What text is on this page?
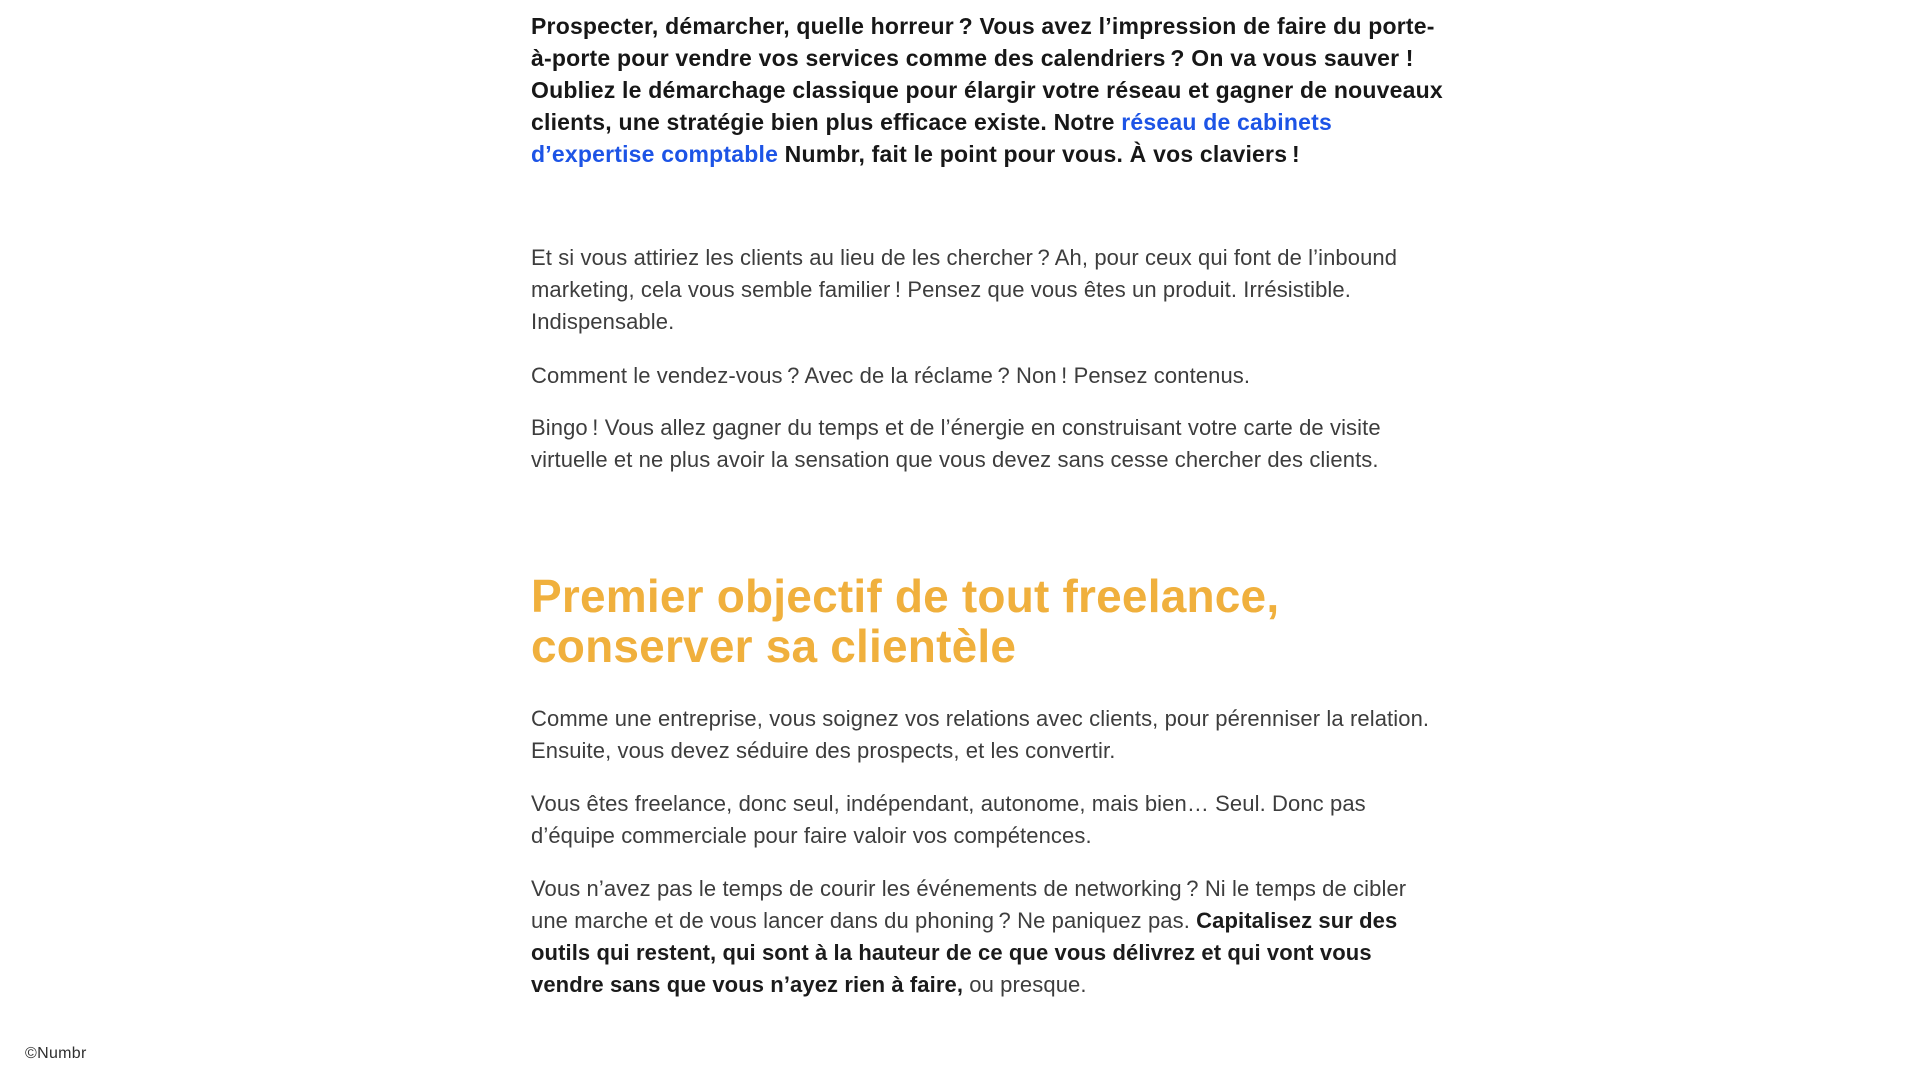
Prospecter, démarcher, quelle horreur ? Vous avez l’impression de faire du porte-à-porte pour vendre vos services comme des calendriers ? On va vous sauver ! Oubliez le démarchage classique pour élargir votre réseau et gagner de nouveaux clients, une stratégie bien plus efficace existe. Notre réseau de cabinets d’expertise comptable Numbr, fait le point pour vous. À vos claviers !

Et si vous attiriez les clients au lieu de les chercher ? Ah, pour ceux qui font de l’inbound marketing, cela vous semble familier ! Pensez que vous êtes un produit. Irrésistible. Indispensable.

Comment le vendez-vous ? Avec de la réclame ? Non ! Pensez contenus.

Bingo ! Vous allez gagner du temps et de l’énergie en construisant votre carte de visite virtuelle et ne plus avoir la sensation que vous devez sans cesse chercher des clients.

Premier objectif de tout freelance, conserver sa clientèle

Comme une entreprise, vous soignez vos relations avec clients, pour pérenniser la relation. Ensuite, vous devez séduire des prospects, et les convertir.

Vous êtes freelance, donc seul, indépendant, autonome, mais bien… Seul. Donc pas d’équipe commerciale pour faire valoir vos compétences.

Vous n’avez pas le temps de courir les événements de networking ? Ni le temps de cibler une marche et de vous lancer dans du phoning ? Ne paniquez pas. Capitalisez sur des outils qui restent, qui sont à la hauteur de ce que vous délivrez et qui vont vous vendre sans que vous n’ayez rien à faire, ou presque.

©Numbr
